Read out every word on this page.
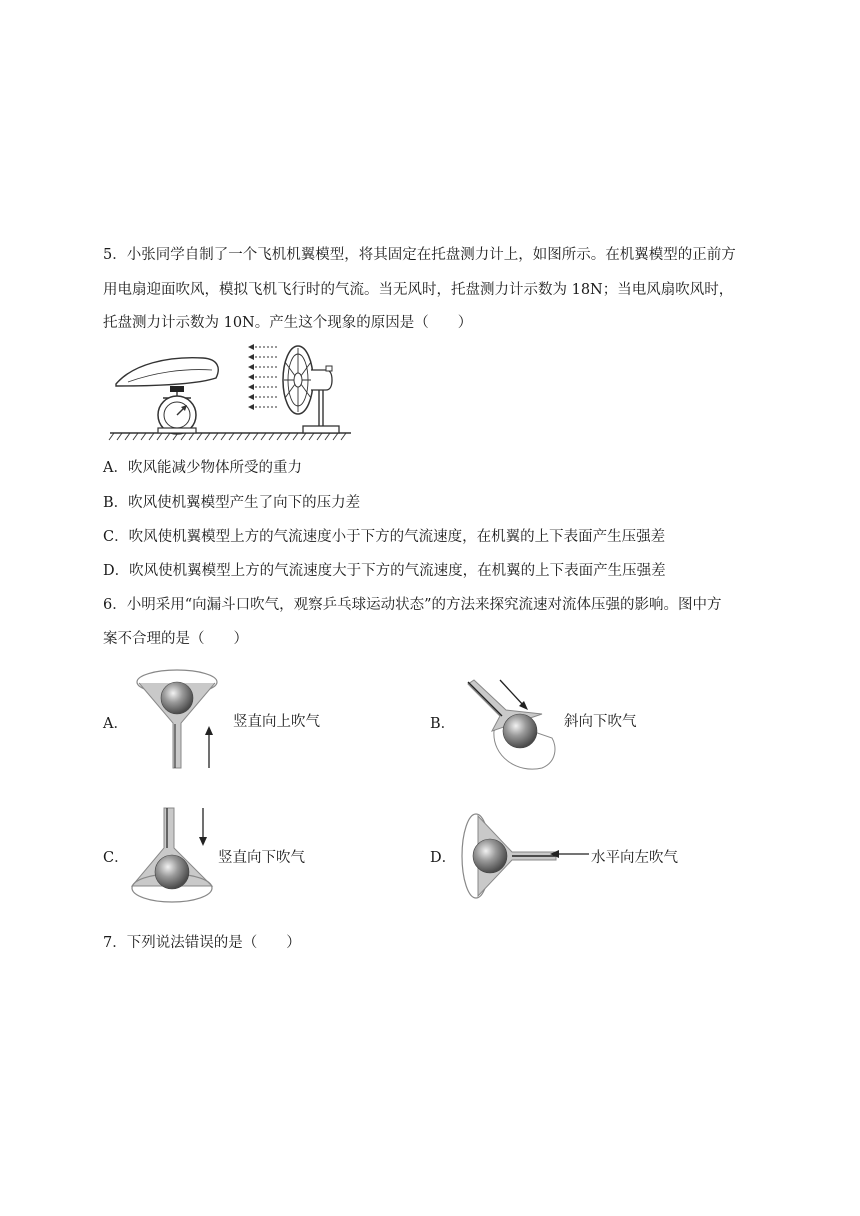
5．小张同学自制了一个飞机机翼模型，将其固定在托盘测力计上，如图所示。在机翼模型的正前方
用电扇迎面吹风，模拟飞机飞行时的气流。当无风时，托盘测力计示数为 18N；当电风扇吹风时，
托盘测力计示数为 10N。产生这个现象的原因是（　　）
A．吹风能减少物体所受的重力
B．吹风使机翼模型产生了向下的压力差
C．吹风使机翼模型上方的气流速度小于下方的气流速度，在机翼的上下表面产生压强差
D．吹风使机翼模型上方的气流速度大于下方的气流速度，在机翼的上下表面产生压强差
6．小明采用“向漏斗口吹气，观察乒乓球运动状态”的方法来探究流速对流体压强的影响。图中方
案不合理的是（　　）
A．	竖直向上吹气	B．	斜向下吹气
C．	竖直向下吹气	D．	水平向左吹气
7．下列说法错误的是（　　）
